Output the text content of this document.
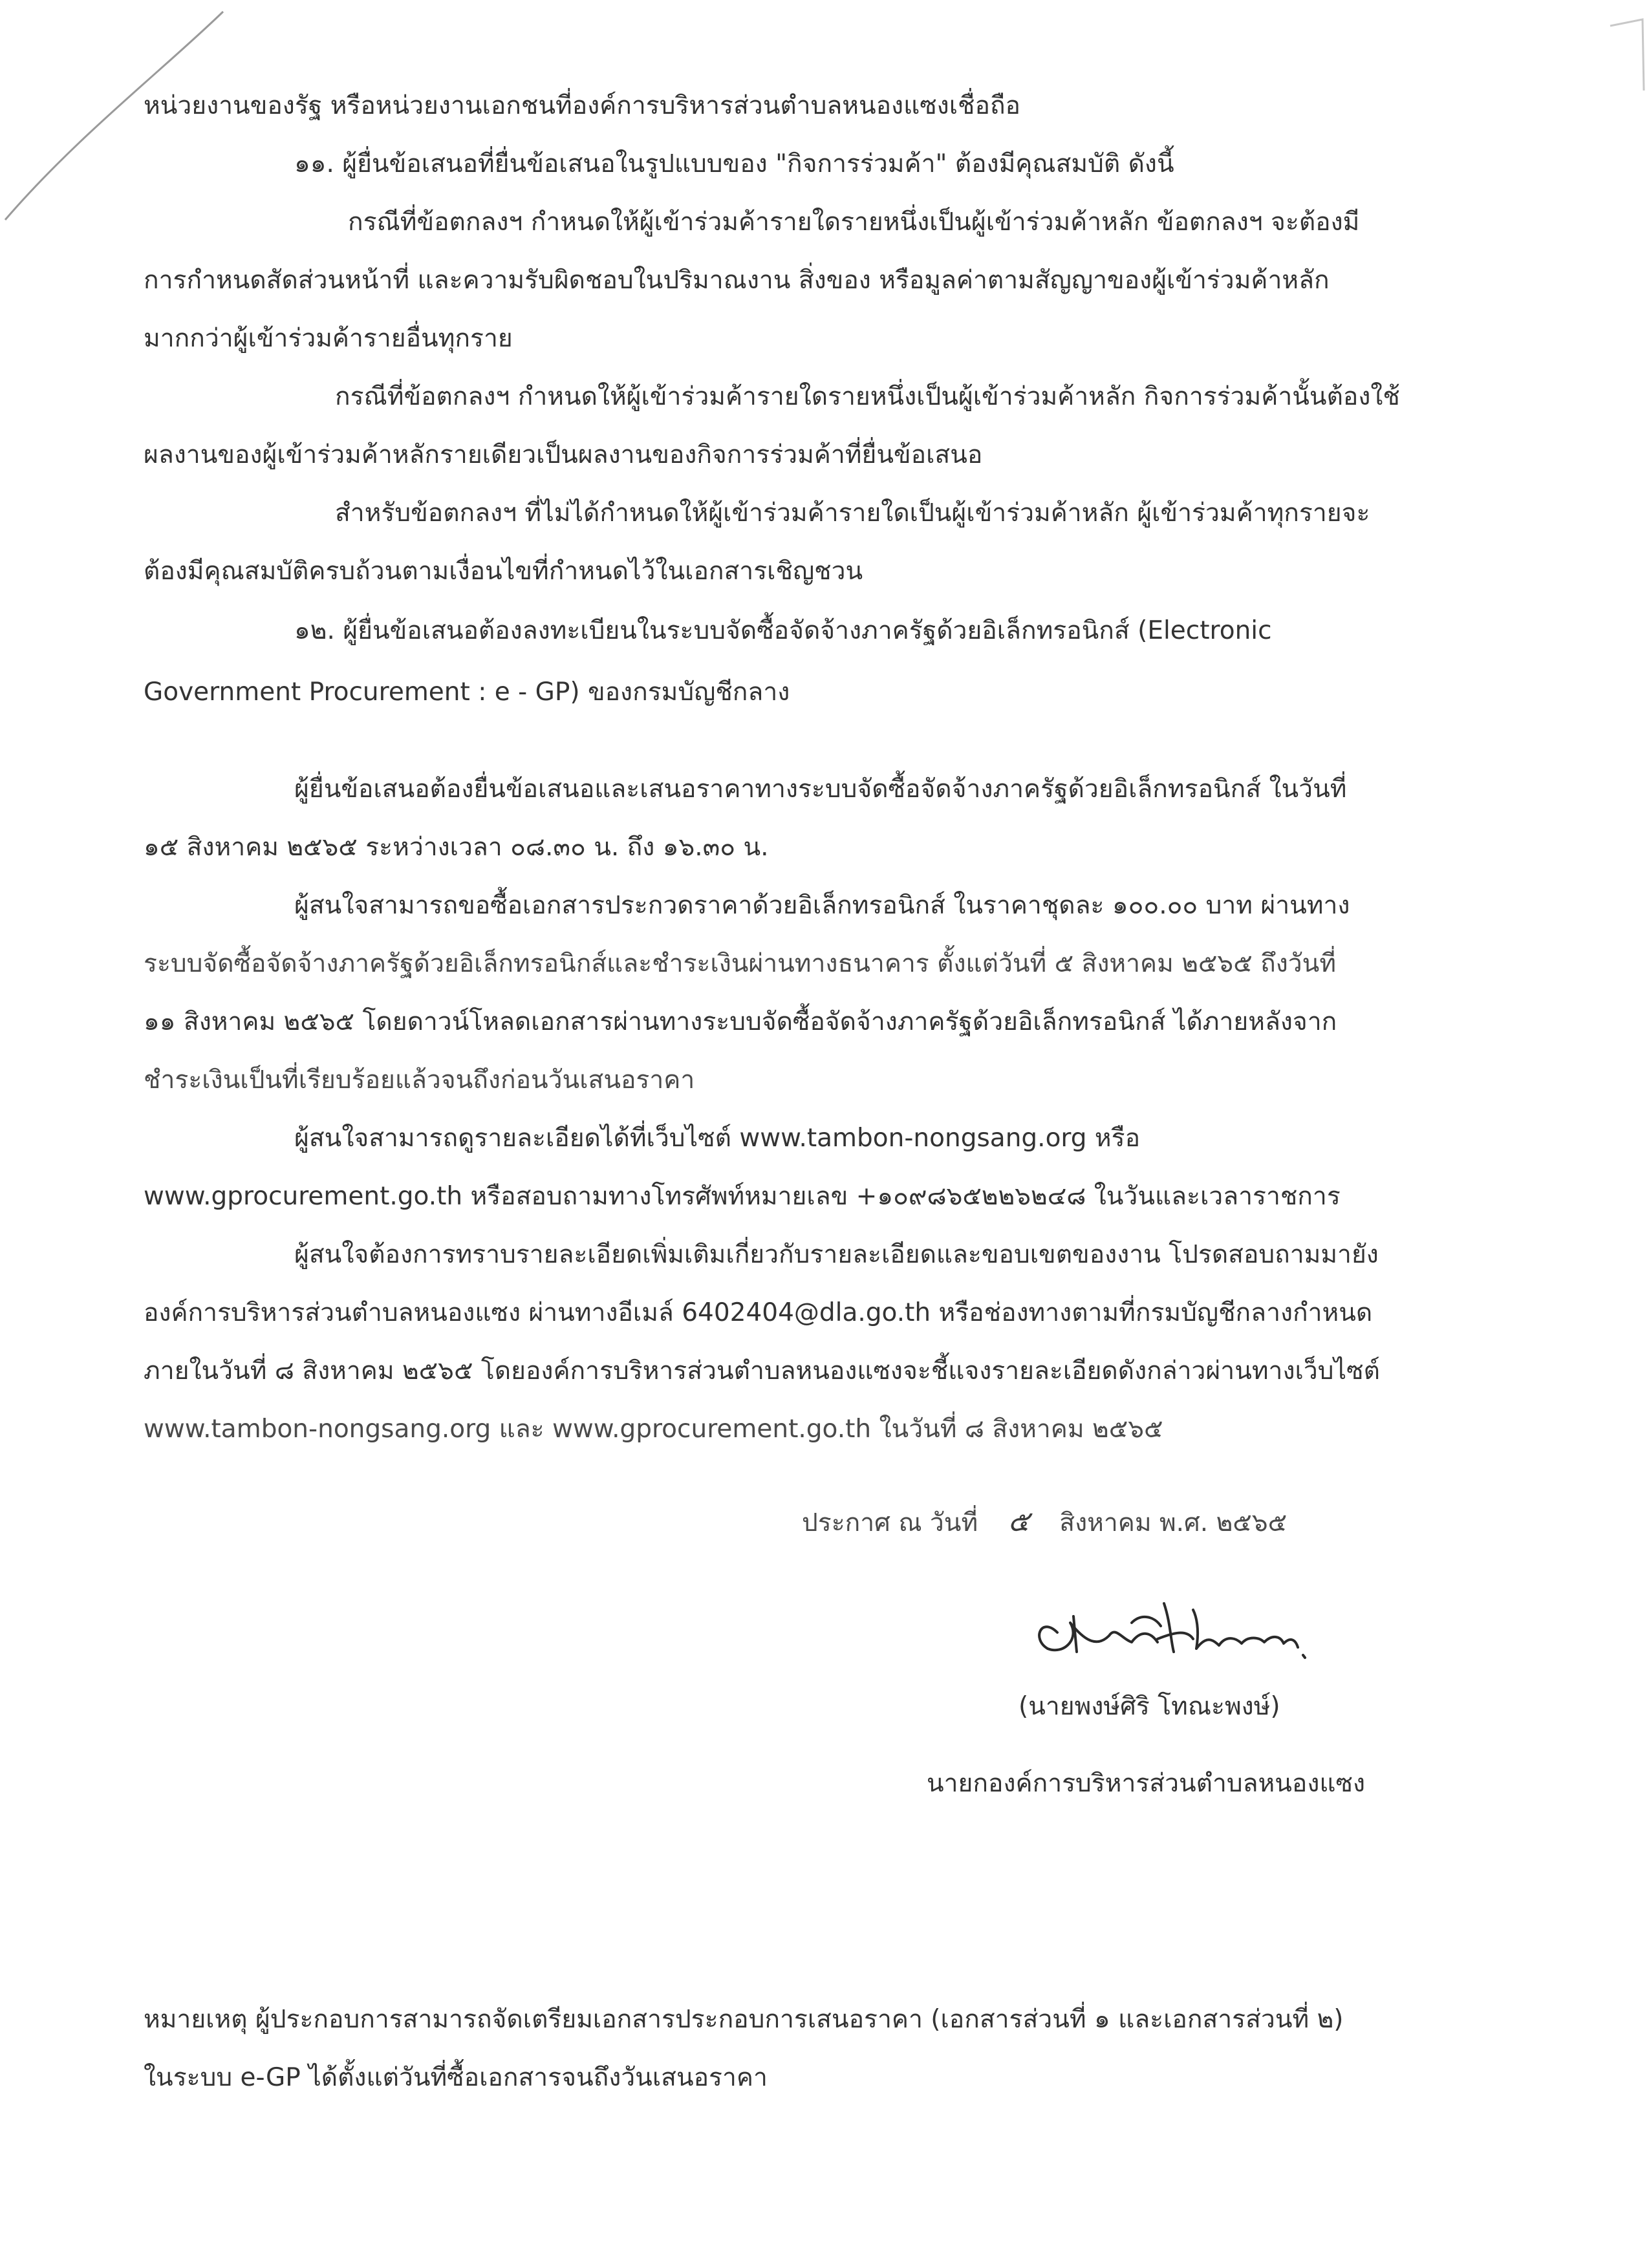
หน่วยงานของรัฐ หรือหน่วยงานเอกชนที่องค์การบริหารส่วนตำบลหนองแซงเชื่อถือ
๑๑. ผู้ยื่นข้อเสนอที่ยื่นข้อเสนอในรูปแบบของ "กิจการร่วมค้า" ต้องมีคุณสมบัติ ดังนี้
กรณีที่ข้อตกลงฯ กำหนดให้ผู้เข้าร่วมค้ารายใดรายหนึ่งเป็นผู้เข้าร่วมค้าหลัก ข้อตกลงฯ จะต้องมี
การกำหนดสัดส่วนหน้าที่ และความรับผิดชอบในปริมาณงาน สิ่งของ หรือมูลค่าตามสัญญาของผู้เข้าร่วมค้าหลัก
มากกว่าผู้เข้าร่วมค้ารายอื่นทุกราย
กรณีที่ข้อตกลงฯ กำหนดให้ผู้เข้าร่วมค้ารายใดรายหนึ่งเป็นผู้เข้าร่วมค้าหลัก กิจการร่วมค้านั้นต้องใช้
ผลงานของผู้เข้าร่วมค้าหลักรายเดียวเป็นผลงานของกิจการร่วมค้าที่ยื่นข้อเสนอ
สำหรับข้อตกลงฯ ที่ไม่ได้กำหนดให้ผู้เข้าร่วมค้ารายใดเป็นผู้เข้าร่วมค้าหลัก ผู้เข้าร่วมค้าทุกรายจะ
ต้องมีคุณสมบัติครบถ้วนตามเงื่อนไขที่กำหนดไว้ในเอกสารเชิญชวน
๑๒. ผู้ยื่นข้อเสนอต้องลงทะเบียนในระบบจัดซื้อจัดจ้างภาครัฐด้วยอิเล็กทรอนิกส์ (Electronic
Government Procurement : e - GP) ของกรมบัญชีกลาง
ผู้ยื่นข้อเสนอต้องยื่นข้อเสนอและเสนอราคาทางระบบจัดซื้อจัดจ้างภาครัฐด้วยอิเล็กทรอนิกส์ ในวันที่
๑๕ สิงหาคม ๒๕๖๕ ระหว่างเวลา ๐๘.๓๐ น. ถึง ๑๖.๓๐ น.
ผู้สนใจสามารถขอซื้อเอกสารประกวดราคาด้วยอิเล็กทรอนิกส์ ในราคาชุดละ ๑๐๐.๐๐ บาท ผ่านทาง
ระบบจัดซื้อจัดจ้างภาครัฐด้วยอิเล็กทรอนิกส์และชำระเงินผ่านทางธนาคาร ตั้งแต่วันที่ ๕ สิงหาคม ๒๕๖๕ ถึงวันที่
๑๑ สิงหาคม ๒๕๖๕ โดยดาวน์โหลดเอกสารผ่านทางระบบจัดซื้อจัดจ้างภาครัฐด้วยอิเล็กทรอนิกส์ ได้ภายหลังจาก
ชำระเงินเป็นที่เรียบร้อยแล้วจนถึงก่อนวันเสนอราคา
ผู้สนใจสามารถดูรายละเอียดได้ที่เว็บไซต์ www.tambon-nongsang.org หรือ
www.gprocurement.go.th หรือสอบถามทางโทรศัพท์หมายเลข +๑๐๙๘๖๕๒๒๖๒๔๘ ในวันและเวลาราชการ
ผู้สนใจต้องการทราบรายละเอียดเพิ่มเติมเกี่ยวกับรายละเอียดและขอบเขตของงาน โปรดสอบถามมายัง
องค์การบริหารส่วนตำบลหนองแซง ผ่านทางอีเมล์ 6402404@dla.go.th หรือช่องทางตามที่กรมบัญชีกลางกำหนด
ภายในวันที่ ๘ สิงหาคม ๒๕๖๕ โดยองค์การบริหารส่วนตำบลหนองแซงจะชี้แจงรายละเอียดดังกล่าวผ่านทางเว็บไซต์
www.tambon-nongsang.org และ www.gprocurement.go.th ในวันที่ ๘ สิงหาคม ๒๕๖๕
ประกาศ ณ วันที่ ๕ สิงหาคม พ.ศ. ๒๕๖๕
(นายพงษ์ศิริ โทณะพงษ์)
นายกองค์การบริหารส่วนตำบลหนองแซง
หมายเหตุ ผู้ประกอบการสามารถจัดเตรียมเอกสารประกอบการเสนอราคา (เอกสารส่วนที่ ๑ และเอกสารส่วนที่ ๒)
ในระบบ e-GP ได้ตั้งแต่วันที่ซื้อเอกสารจนถึงวันเสนอราคา
